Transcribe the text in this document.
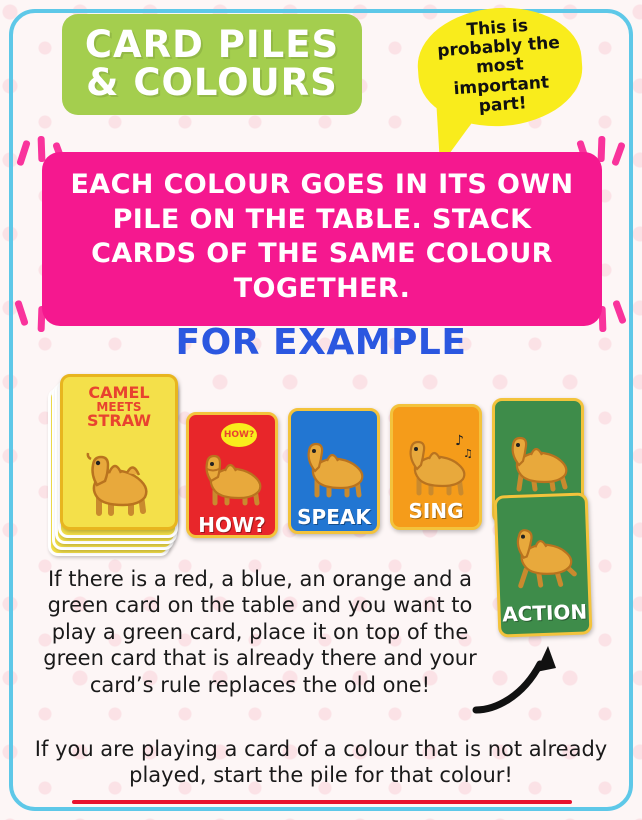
CARD PILES
& COLOURS
This is probably the most important part!
EACH COLOUR GOES IN ITS OWN PILE ON THE TABLE. STACK CARDS OF THE SAME COLOUR TOGETHER.
FOR EXAMPLE
CAMEL
MEETS
STRAW
HOW?
HOW?	SPEAK
♪
♫
SING
ACTION
If there is a red, a blue, an orange and a green card on the table and you want to play a green card, place it on top of the green card that is already there and your card’s rule replaces the old one!
If you are playing a card of a colour that is not already played, start the pile for that colour!
